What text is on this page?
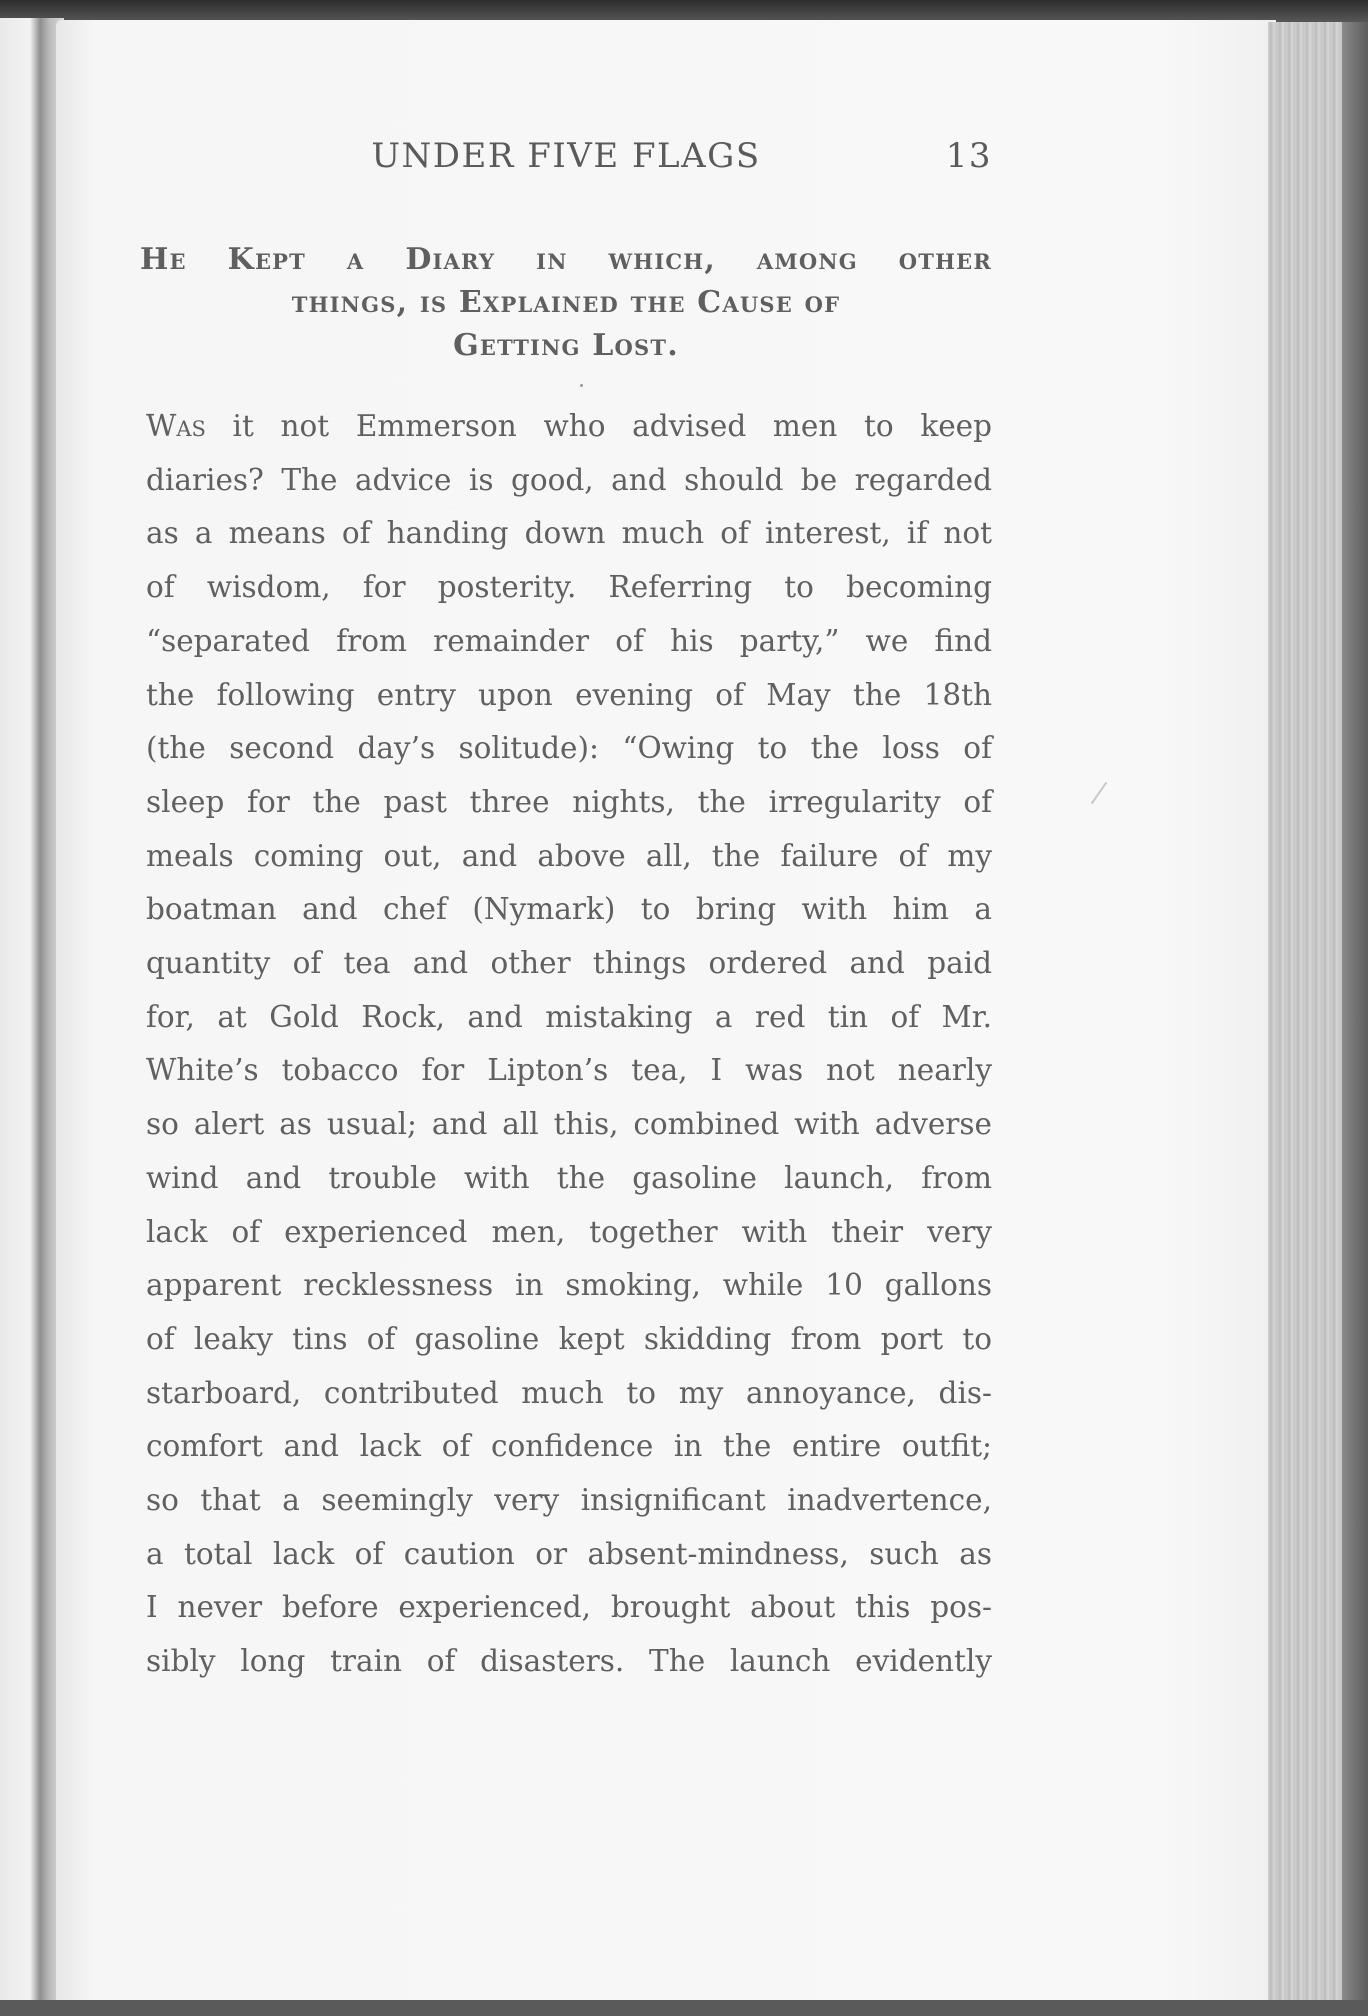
UNDER FIVE FLAGS	13
He Kept a Diary in which, among other
things, is Explained the Cause of
Getting Lost.
Was it not Emmerson who advised men to keep
diaries? The advice is good, and should be regarded
as a means of handing down much of interest, if not
of wisdom, for posterity. Referring to becoming
“separated from remainder of his party,” we find
the following entry upon evening of May the 18th
(the second day’s solitude): “Owing to the loss of
sleep for the past three nights, the irregularity of
meals coming out, and above all, the failure of my
boatman and chef (Nymark) to bring with him a
quantity of tea and other things ordered and paid
for, at Gold Rock, and mistaking a red tin of Mr.
White’s tobacco for Lipton’s tea, I was not nearly
so alert as usual; and all this, combined with adverse
wind and trouble with the gasoline launch, from
lack of experienced men, together with their very
apparent recklessness in smoking, while 10 gallons
of leaky tins of gasoline kept skidding from port to
starboard, contributed much to my annoyance, dis-
comfort and lack of confidence in the entire outfit;
so that a seemingly very insignificant inadvertence,
a total lack of caution or absent-mindness, such as
I never before experienced, brought about this pos-
sibly long train of disasters. The launch evidently
